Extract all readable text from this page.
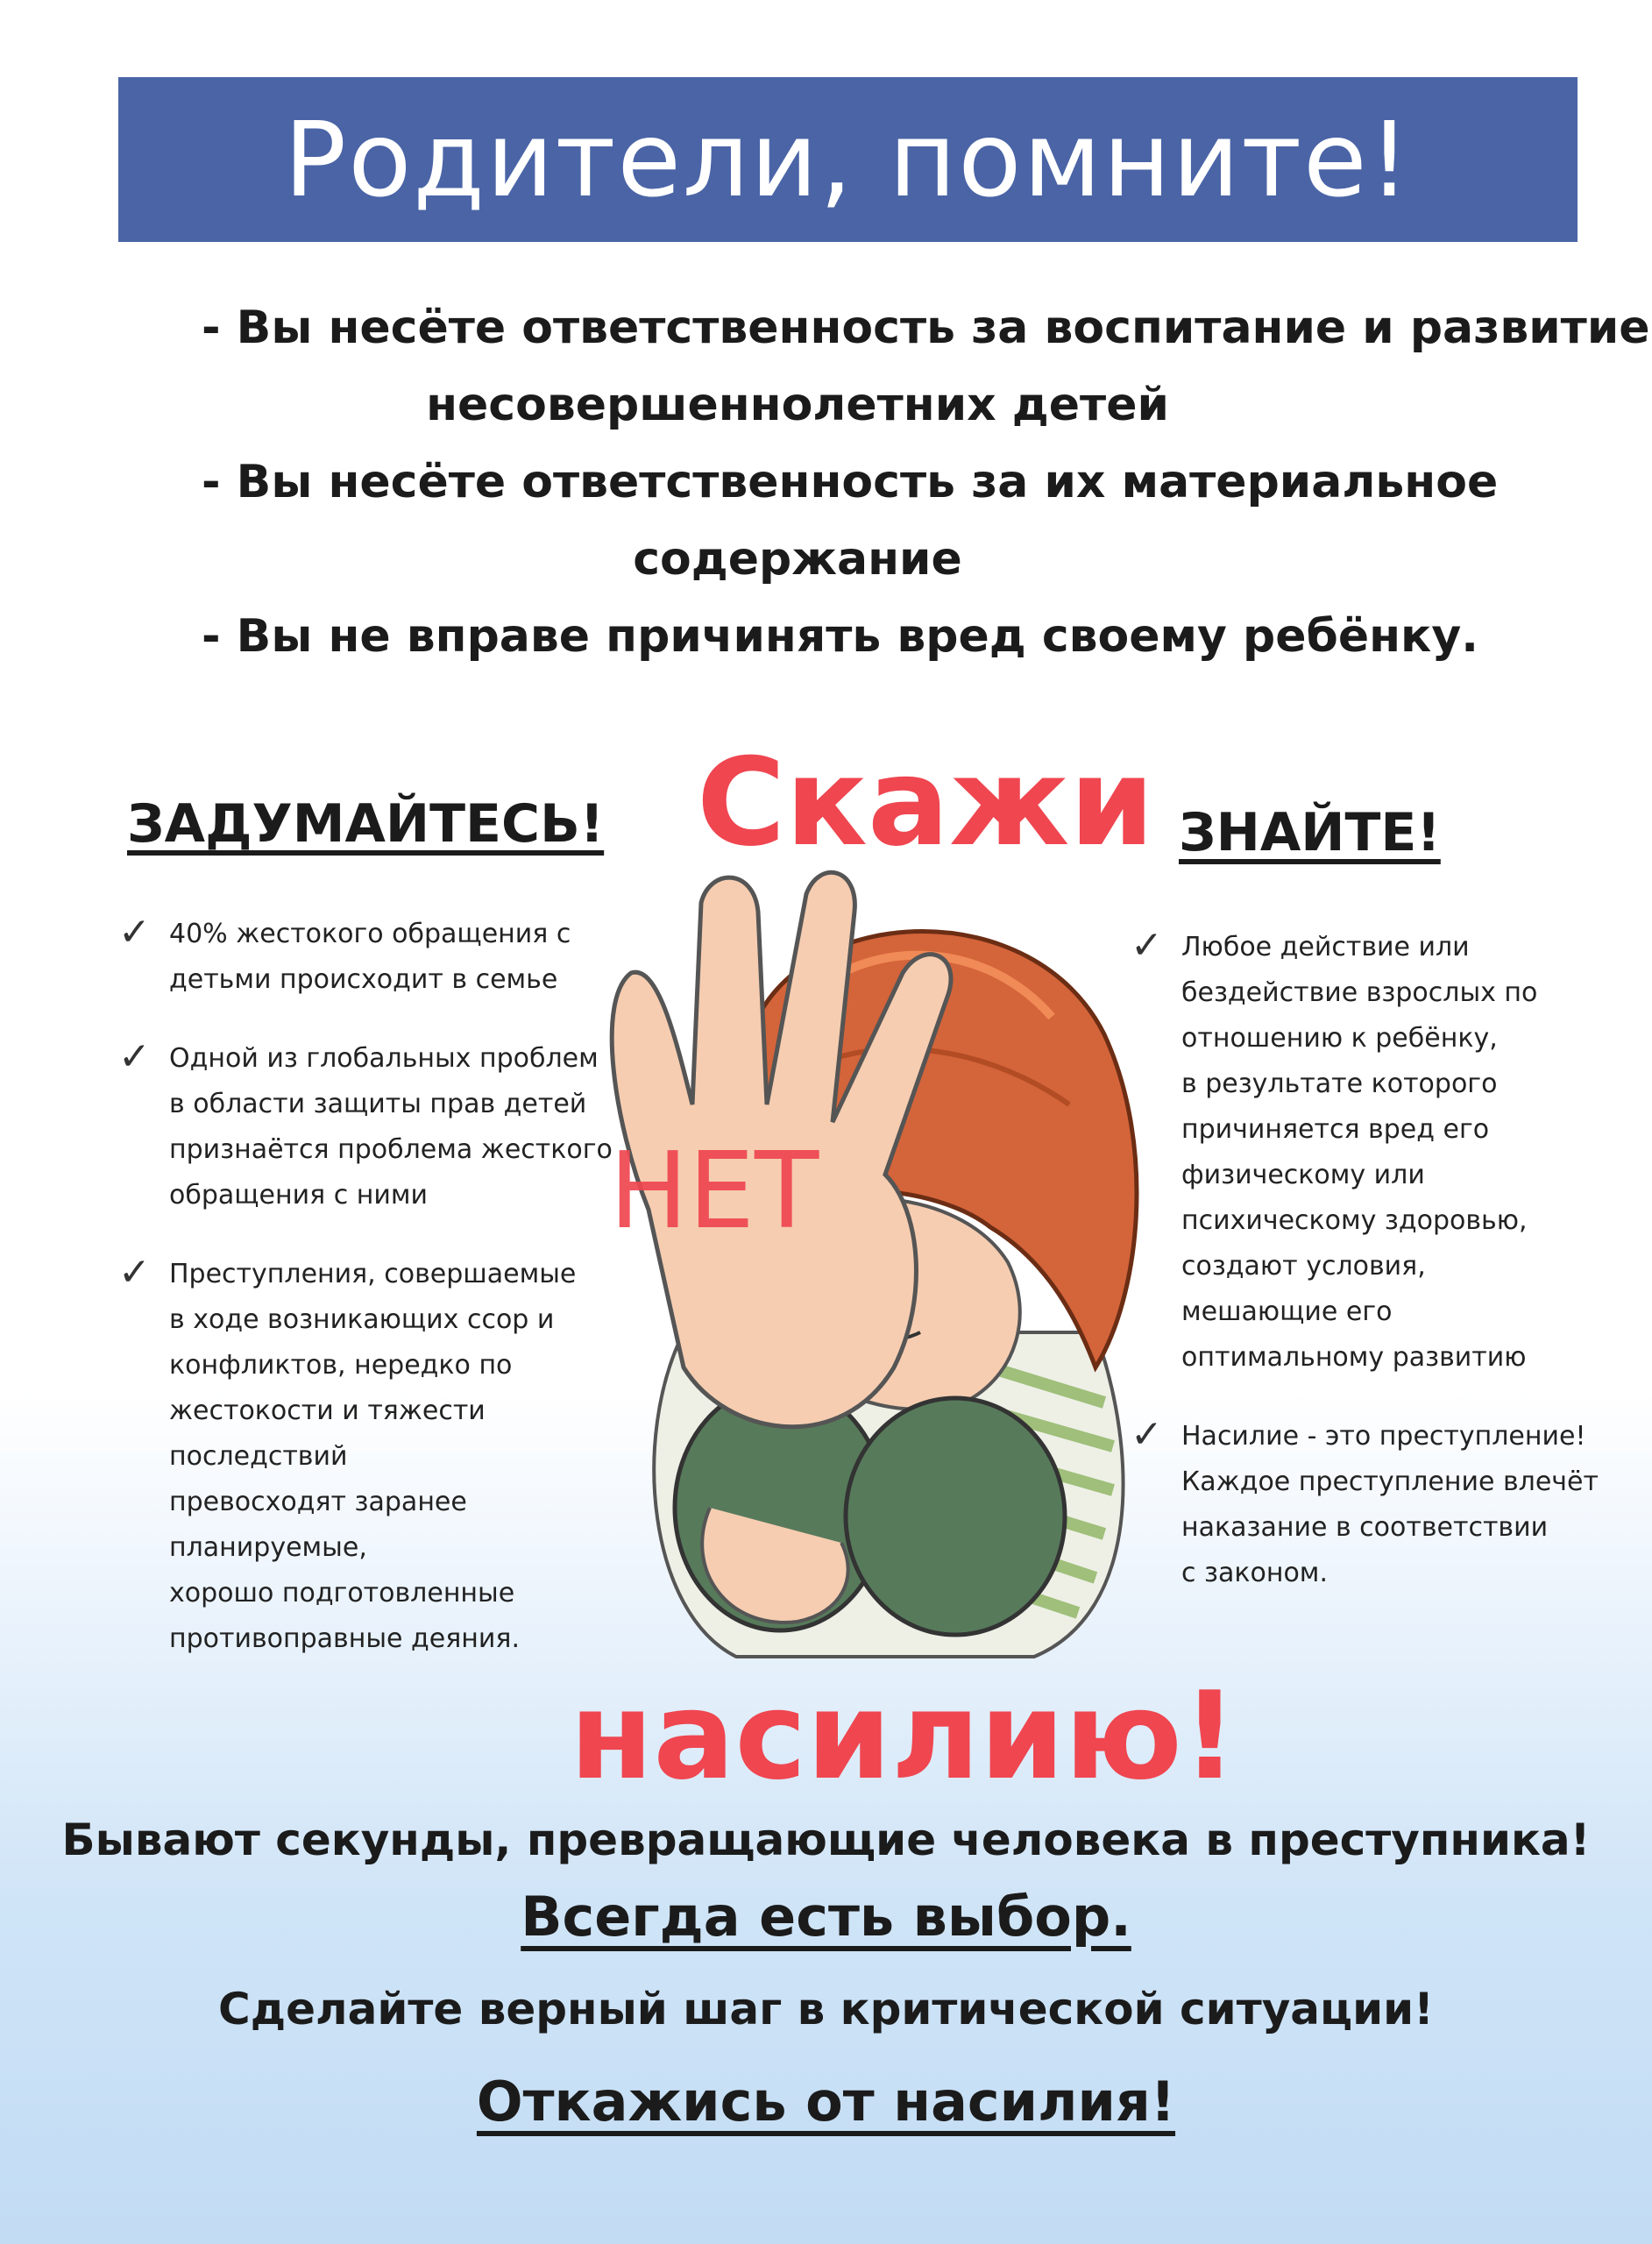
Родители, помните!
- Вы несёте ответственность за воспитание и развитие
несовершеннолетних детей
- Вы несёте ответственность за их материальное
содержание
- Вы не вправе причинять вред своему ребёнку.
ЗАДУМАЙТЕСЬ!	ЗНАЙТЕ!
✓ 40% жестокого обращения с
детьми происходит в семье
✓ Одной из глобальных проблем
в области защиты прав детей
признаётся проблема жесткого
обращения с ними
✓ Преступления, совершаемые
в ходе возникающих ссор и
конфликтов, нередко по
жестокости и тяжести последствий
превосходят заранее планируемые,
хорошо подготовленные
противоправные деяния.
✓ Любое действие или
бездействие взрослых по
отношению к ребёнку,
в результате которого
причиняется вред его
физическому или
психическому здоровью,
создают условия,
мешающие его
оптимальному развитию
✓ Насилие - это преступление!
Каждое преступление влечёт
наказание в соответствии
с законом.
Скажи
НЕТ
насилию!
Бывают секунды, превращающие человека в преступника!
Всегда есть выбор.
Сделайте верный шаг в критической ситуации!
Откажись от насилия!
